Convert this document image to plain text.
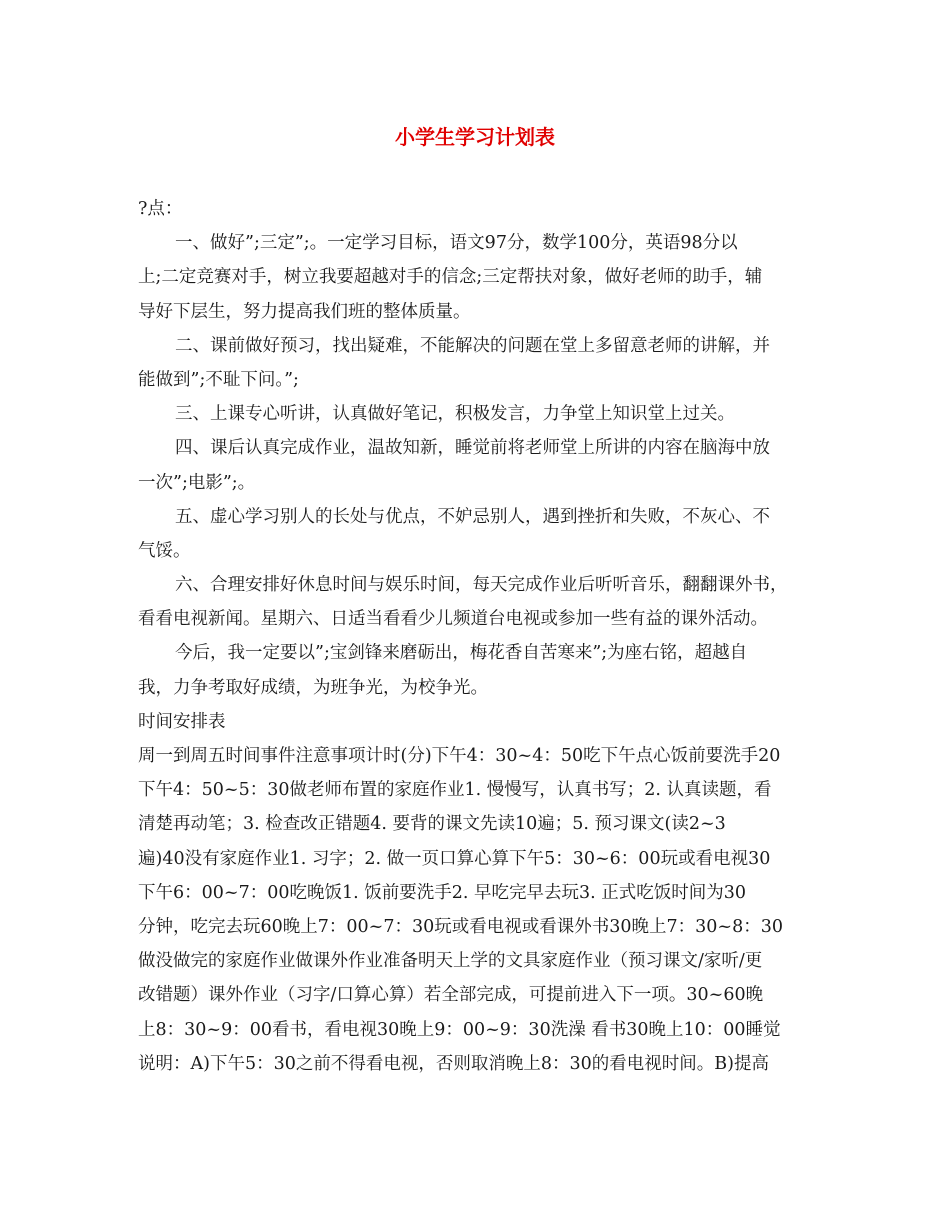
小学生学习计划表
?点：
一、做好”;三定”;。一定学习目标，语文97分，数学100分，英语98分以
上;二定竞赛对手，树立我要超越对手的信念;三定帮扶对象，做好老师的助手，辅
导好下层生，努力提高我们班的整体质量。
二、课前做好预习，找出疑难，不能解决的问题在堂上多留意老师的讲解，并
能做到”;不耻下问。”;
三、上课专心听讲，认真做好笔记，积极发言，力争堂上知识堂上过关。
四、课后认真完成作业，温故知新，睡觉前将老师堂上所讲的内容在脑海中放
一次”;电影”;。
五、虚心学习别人的长处与优点，不妒忌别人，遇到挫折和失败，不灰心、不
气馁。
六、合理安排好休息时间与娱乐时间，每天完成作业后听听音乐，翻翻课外书，
看看电视新闻。星期六、日适当看看少儿频道台电视或参加一些有益的课外活动。
今后，我一定要以”;宝剑锋来磨砺出，梅花香自苦寒来”;为座右铭，超越自
我，力争考取好成绩，为班争光，为校争光。
时间安排表
周一到周五时间事件注意事项计时(分)下午4：30~4：50吃下午点心饭前要洗手20
下午4：50~5：30做老师布置的家庭作业1. 慢慢写，认真书写；2. 认真读题，看
清楚再动笔；3. 检查改正错题4. 要背的课文先读10遍；5. 预习课文(读2~3
遍)40没有家庭作业1. 习字；2. 做一页口算心算下午5：30~6：00玩或看电视30
下午6：00~7：00吃晚饭1. 饭前要洗手2. 早吃完早去玩3. 正式吃饭时间为30
分钟，吃完去玩60晚上7：00~7：30玩或看电视或看课外书30晚上7：30~8：30
做没做完的家庭作业做课外作业准备明天上学的文具家庭作业（预习课文/家听/更
改错题）课外作业（习字/口算心算）若全部完成，可提前进入下一项。30~60晚
上8：30~9：00看书，看电视30晚上9：00~9：30洗澡 看书30晚上10：00睡觉
说明：A)下午5：30之前不得看电视，否则取消晚上8：30的看电视时间。B)提高
